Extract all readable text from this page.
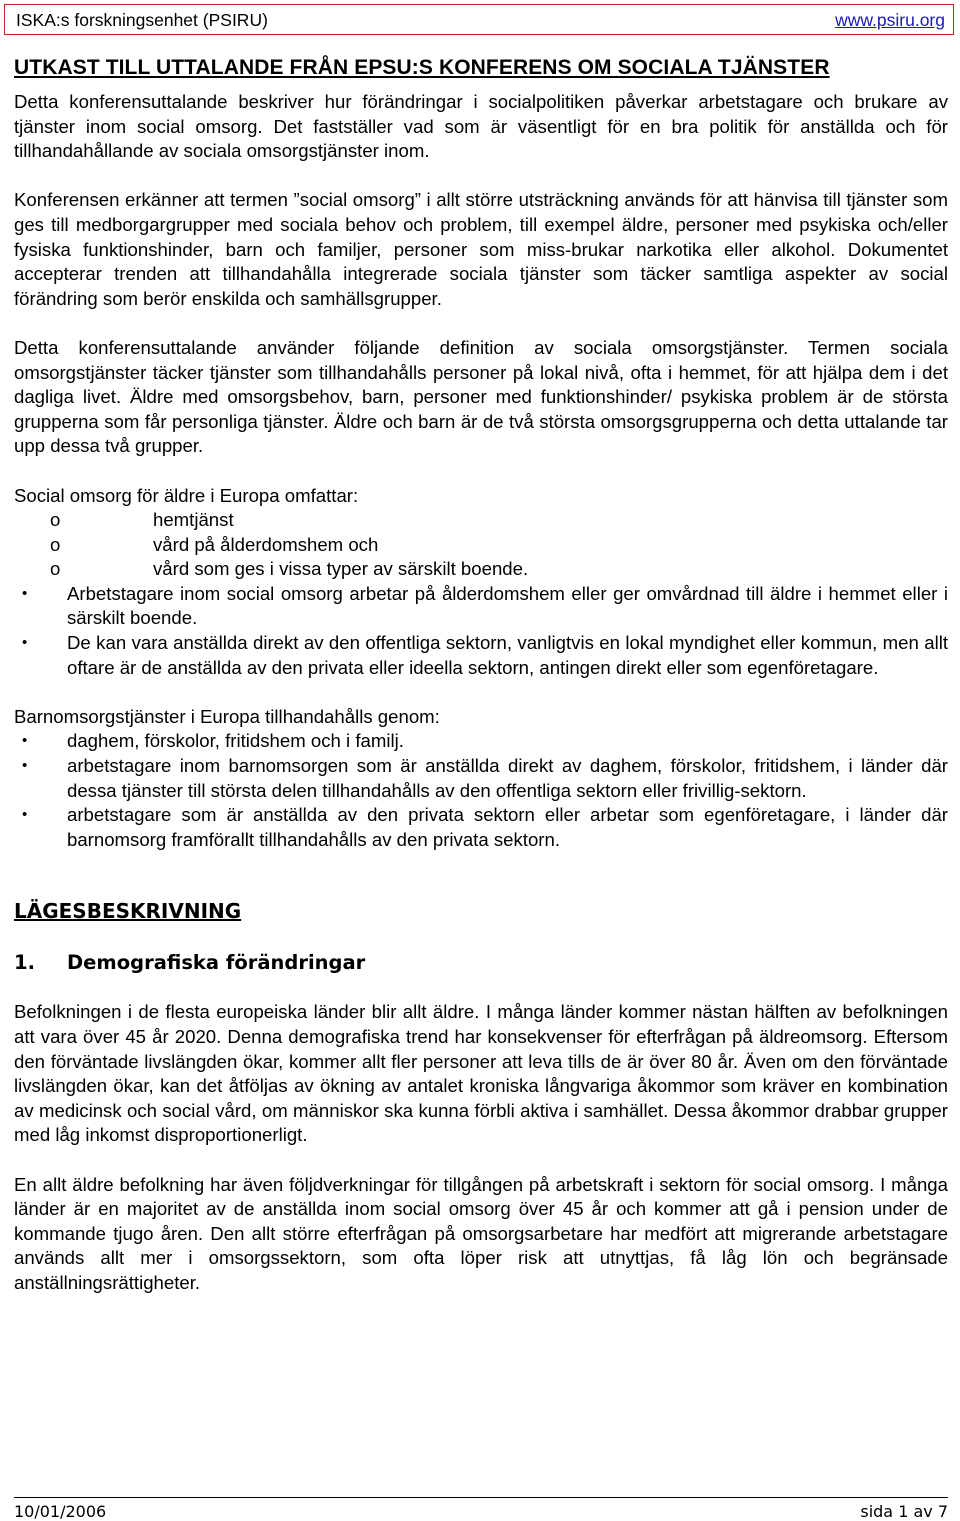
ISKA:s forskningsenhet (PSIRU)	www.psiru.org
UTKAST TILL UTTALANDE FRÅN EPSU:S KONFERENS OM SOCIALA TJÄNSTER

Detta konferensuttalande beskriver hur förändringar i socialpolitiken påverkar arbetstagare och brukare av tjänster inom social omsorg. Det fastställer vad som är väsentligt för en bra politik för anställda och för tillhandahållande av sociala omsorgstjänster inom.

Konferensen erkänner att termen ”social omsorg” i allt större utsträckning används för att hänvisa till tjänster som ges till medborgargrupper med sociala behov och problem, till exempel äldre, personer med psykiska och/eller fysiska funktionshinder, barn och familjer, personer som miss-brukar narkotika eller alkohol. Dokumentet accepterar trenden att tillhandahålla integrerade sociala tjänster som täcker samtliga aspekter av social förändring som berör enskilda och samhällsgrupper.

Detta konferensuttalande använder följande definition av sociala omsorgstjänster. Termen sociala omsorgstjänster täcker tjänster som tillhandahålls personer på lokal nivå, ofta i hemmet, för att hjälpa dem i det dagliga livet. Äldre med omsorgsbehov, barn, personer med funktionshinder/ psykiska problem är de största grupperna som får personliga tjänster. Äldre och barn är de två största omsorgsgrupperna och detta uttalande tar upp dessa två grupper.

Social omsorg för äldre i Europa omfattar:

o	hemtjänst
o	vård på ålderdomshem och
o	vård som ges i vissa typer av särskilt boende.
•	Arbetstagare inom social omsorg arbetar på ålderdomshem eller ger omvårdnad till äldre i hemmet eller i särskilt boende.
•	De kan vara anställda direkt av den offentliga sektorn, vanligtvis en lokal myndighet eller kommun, men allt oftare är de anställda av den privata eller ideella sektorn, antingen direkt eller som egenföretagare.

Barnomsorgstjänster i Europa tillhandahålls genom:

•	daghem, förskolor, fritidshem och i familj.
•	arbetstagare inom barnomsorgen som är anställda direkt av daghem, förskolor, fritidshem, i länder där dessa tjänster till största delen tillhandahålls av den offentliga sektorn eller frivillig-sektorn.
•	arbetstagare som är anställda av den privata sektorn eller arbetar som egenföretagare, i länder där barnomsorg framförallt tillhandahålls av den privata sektorn.
LÄGESBESKRIVNING
1.	Demografiska förändringar

Befolkningen i de flesta europeiska länder blir allt äldre. I många länder kommer nästan hälften av befolkningen att vara över 45 år 2020. Denna demografiska trend har konsekvenser för efterfrågan på äldreomsorg. Eftersom den förväntade livslängden ökar, kommer allt fler personer att leva tills de är över 80 år. Även om den förväntade livslängden ökar, kan det åtföljas av ökning av antalet kroniska långvariga åkommor som kräver en kombination av medicinsk och social vård, om människor ska kunna förbli aktiva i samhället. Dessa åkommor drabbar grupper med låg inkomst disproportionerligt.

En allt äldre befolkning har även följdverkningar för tillgången på arbetskraft i sektorn för social omsorg. I många länder är en majoritet av de anställda inom social omsorg över 45 år och kommer att gå i pension under de kommande tjugo åren. Den allt större efterfrågan på omsorgsarbetare har medfört att migrerande arbetstagare används allt mer i omsorgssektorn, som ofta löper risk att utnyttjas, få låg lön och begränsade anställningsrättigheter.

10/01/2006	sida 1 av 7
